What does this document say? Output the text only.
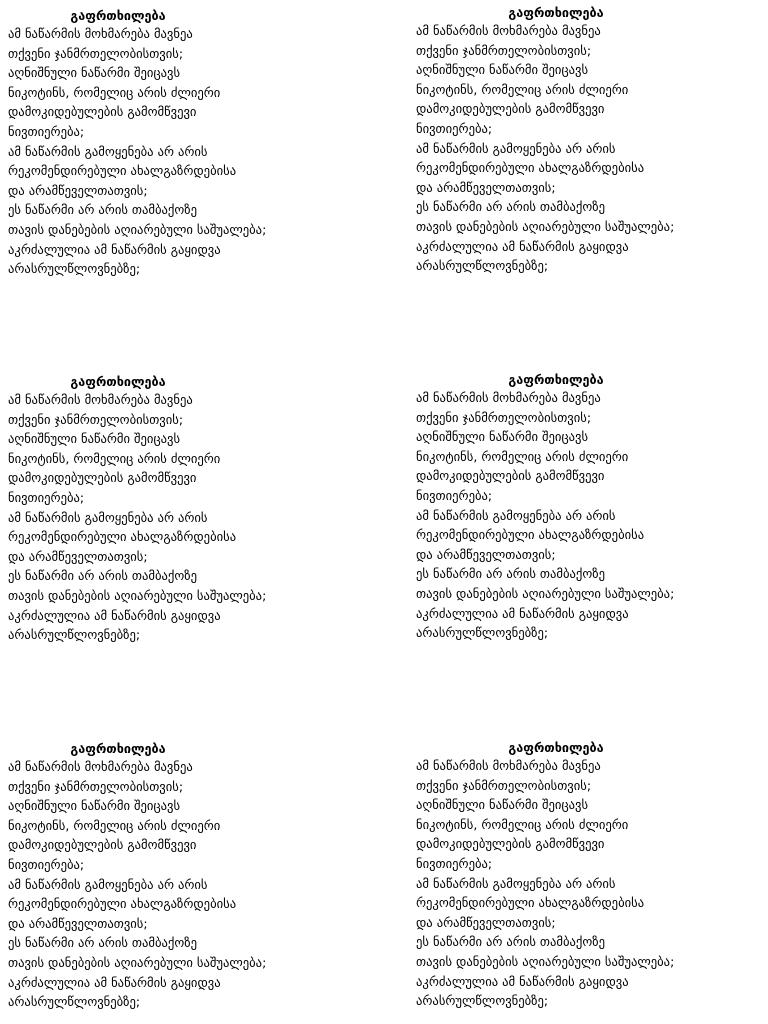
გაფრთხილება
ამ ნაწარმის მოხმარება მავნეა
თქვენი ჯანმრთელობისთვის;
აღნიშნული ნაწარმი შეიცავს
ნიკოტინს, რომელიც არის ძლიერი
დამოკიდებულების გამომწვევი
ნივთიერება;
ამ ნაწარმის გამოყენება არ არის
რეკომენდირებული ახალგაზრდებისა
და არამწეველთათვის;
ეს ნაწარმი არ არის თამბაქოზე
თავის დანებების აღიარებული საშუალება;
აკრძალულია ამ ნაწარმის გაყიდვა
არასრულწლოვნებზე;
გაფრთხილება
ამ ნაწარმის მოხმარება მავნეა
თქვენი ჯანმრთელობისთვის;
აღნიშნული ნაწარმი შეიცავს
ნიკოტინს, რომელიც არის ძლიერი
დამოკიდებულების გამომწვევი
ნივთიერება;
ამ ნაწარმის გამოყენება არ არის
რეკომენდირებული ახალგაზრდებისა
და არამწეველთათვის;
ეს ნაწარმი არ არის თამბაქოზე
თავის დანებების აღიარებული საშუალება;
აკრძალულია ამ ნაწარმის გაყიდვა
არასრულწლოვნებზე;
გაფრთხილება
ამ ნაწარმის მოხმარება მავნეა
თქვენი ჯანმრთელობისთვის;
აღნიშნული ნაწარმი შეიცავს
ნიკოტინს, რომელიც არის ძლიერი
დამოკიდებულების გამომწვევი
ნივთიერება;
ამ ნაწარმის გამოყენება არ არის
რეკომენდირებული ახალგაზრდებისა
და არამწეველთათვის;
ეს ნაწარმი არ არის თამბაქოზე
თავის დანებების აღიარებული საშუალება;
აკრძალულია ამ ნაწარმის გაყიდვა
არასრულწლოვნებზე;
გაფრთხილება
ამ ნაწარმის მოხმარება მავნეა
თქვენი ჯანმრთელობისთვის;
აღნიშნული ნაწარმი შეიცავს
ნიკოტინს, რომელიც არის ძლიერი
დამოკიდებულების გამომწვევი
ნივთიერება;
ამ ნაწარმის გამოყენება არ არის
რეკომენდირებული ახალგაზრდებისა
და არამწეველთათვის;
ეს ნაწარმი არ არის თამბაქოზე
თავის დანებების აღიარებული საშუალება;
აკრძალულია ამ ნაწარმის გაყიდვა
არასრულწლოვნებზე;
გაფრთხილება
ამ ნაწარმის მოხმარება მავნეა
თქვენი ჯანმრთელობისთვის;
აღნიშნული ნაწარმი შეიცავს
ნიკოტინს, რომელიც არის ძლიერი
დამოკიდებულების გამომწვევი
ნივთიერება;
ამ ნაწარმის გამოყენება არ არის
რეკომენდირებული ახალგაზრდებისა
და არამწეველთათვის;
ეს ნაწარმი არ არის თამბაქოზე
თავის დანებების აღიარებული საშუალება;
აკრძალულია ამ ნაწარმის გაყიდვა
არასრულწლოვნებზე;
გაფრთხილება
ამ ნაწარმის მოხმარება მავნეა
თქვენი ჯანმრთელობისთვის;
აღნიშნული ნაწარმი შეიცავს
ნიკოტინს, რომელიც არის ძლიერი
დამოკიდებულების გამომწვევი
ნივთიერება;
ამ ნაწარმის გამოყენება არ არის
რეკომენდირებული ახალგაზრდებისა
და არამწეველთათვის;
ეს ნაწარმი არ არის თამბაქოზე
თავის დანებების აღიარებული საშუალება;
აკრძალულია ამ ნაწარმის გაყიდვა
არასრულწლოვნებზე;
